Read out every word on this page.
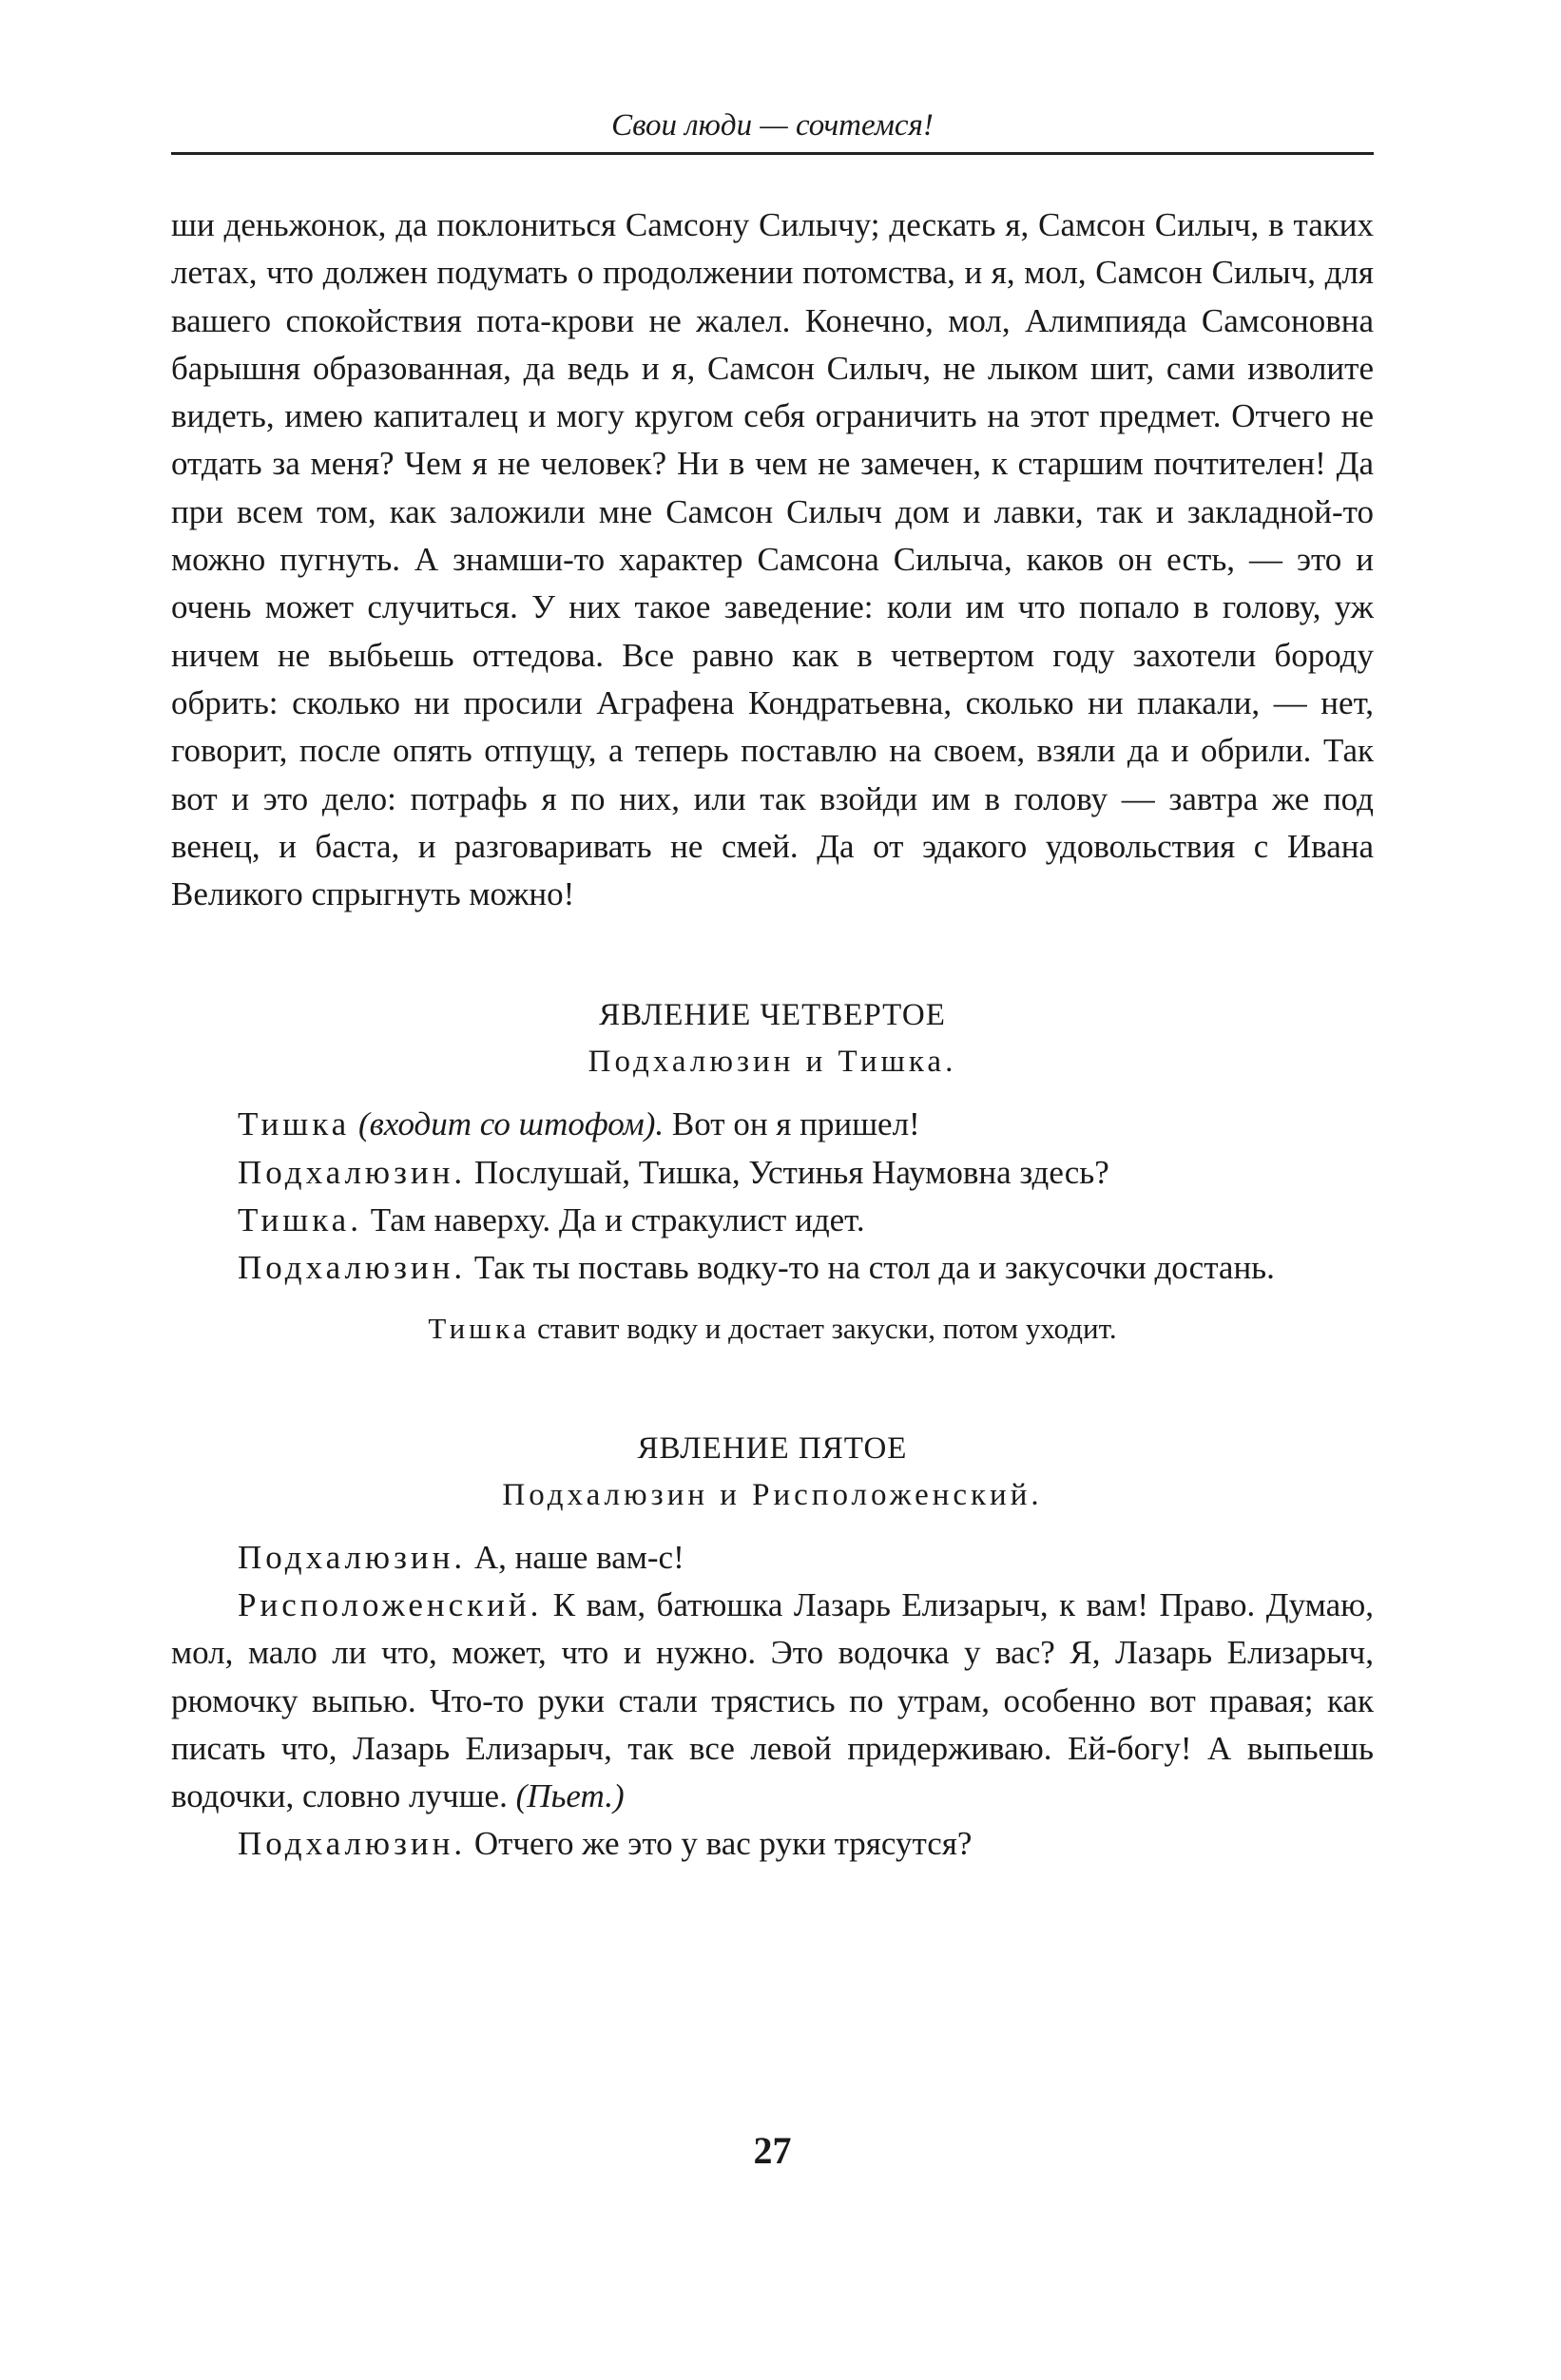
Свои люди — сочтемся!

ши деньжонок, да поклониться Самсону Силычу; дескать я, Самсон Силыч, в таких летах, что должен подумать о продолжении потомства, и я, мол, Самсон Силыч, для вашего спокойствия пота-крови не жалел. Конечно, мол, Алимпияда Самсоновна барышня образованная, да ведь и я, Самсон Силыч, не лыком шит, сами изволите видеть, имею капиталец и могу кругом себя ограничить на этот предмет. Отчего не отдать за меня? Чем я не человек? Ни в чем не замечен, к старшим почтителен! Да при всем том, как заложили мне Самсон Силыч дом и лавки, так и закладной-то можно пугнуть. А знамши-то характер Самсона Силыча, каков он есть, — это и очень может случиться. У них такое заведение: коли им что попало в голову, уж ничем не выбьешь оттедова. Все равно как в четвертом году захотели бороду обрить: сколько ни просили Аграфена Кондратьевна, сколько ни плакали, — нет, говорит, после опять отпущу, а теперь поставлю на своем, взяли да и обрили. Так вот и это дело: потрафь я по них, или так взойди им в голову — завтра же под венец, и баста, и разговаривать не смей. Да от эдакого удовольствия с Ивана Великого спрыгнуть можно!

ЯВЛЕНИЕ ЧЕТВЕРТОЕ
Подхалюзин и Тишка.

Тишка (входит со штофом). Вот он я пришел!

Подхалюзин. Послушай, Тишка, Устинья Наумовна здесь?

Тишка. Там наверху. Да и стракулист идет.

Подхалюзин. Так ты поставь водку-то на стол да и закусочки достань.

Тишка ставит водку и достает закуски, потом уходит.
ЯВЛЕНИЕ ПЯТОЕ
Подхалюзин и Рисположенский.

Подхалюзин. А, наше вам-с!

Рисположенский. К вам, батюшка Лазарь Елизарыч, к вам! Право. Думаю, мол, мало ли что, может, что и нужно. Это водочка у вас? Я, Лазарь Елизарыч, рюмочку выпью. Что-то руки стали трястись по утрам, особенно вот правая; как писать что, Лазарь Елизарыч, так все левой придерживаю. Ей-богу! А выпьешь водочки, словно лучше. (Пьет.)

Подхалюзин. Отчего же это у вас руки трясутся?

27
